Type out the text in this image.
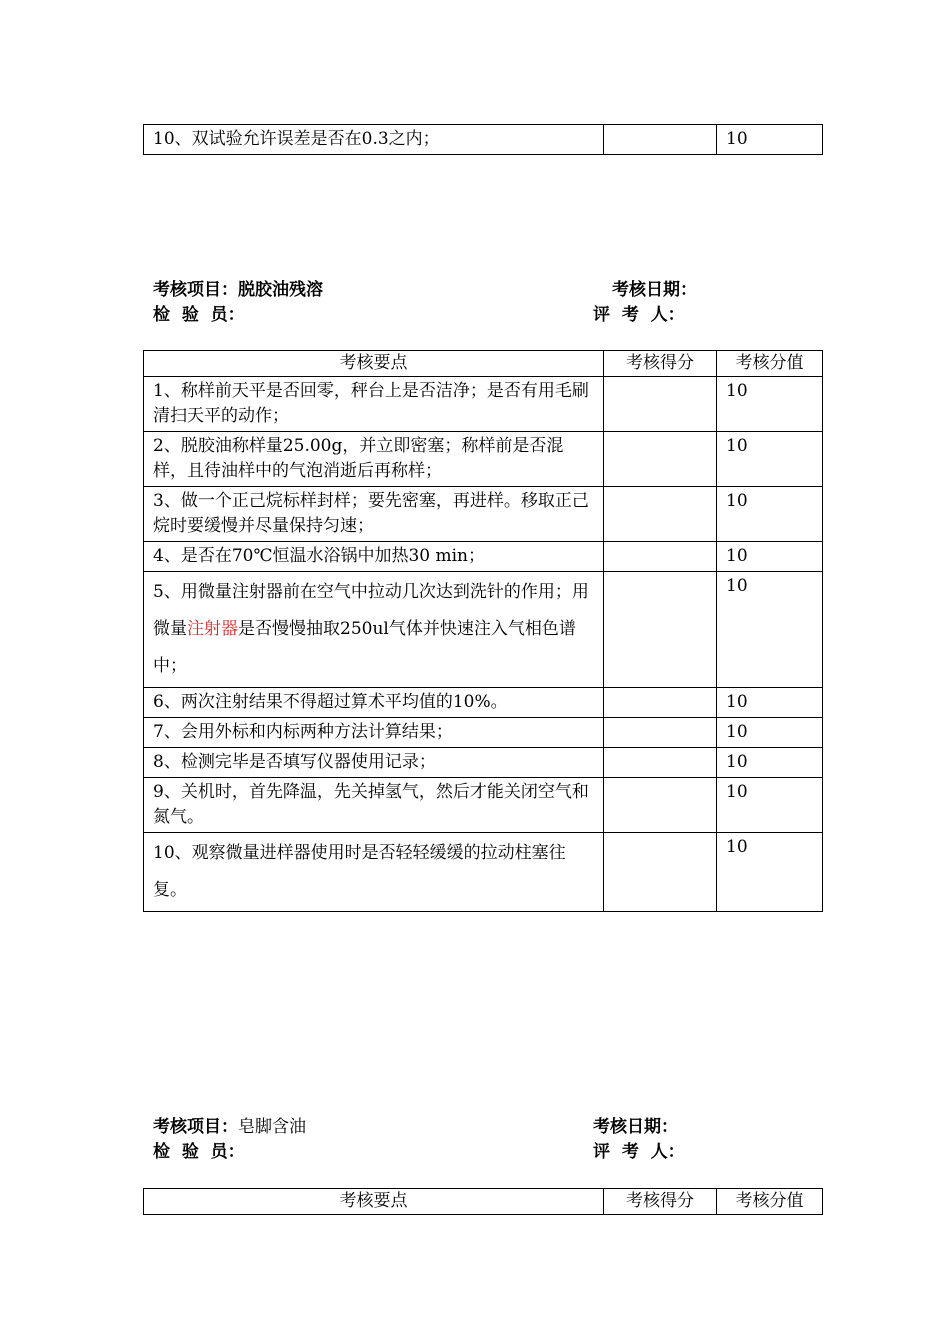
10、双试验允许误差是否在0.3之内；		10
考核项目：脱胶油残溶	考核日期：
检  验  员：	评  考  人：
考核要点	考核得分	考核分值
1、称样前天平是否回零，秤台上是否洁净；是否有用毛刷清扫天平的动作；		10
2、脱胶油称样量25.00g，并立即密塞；称样前是否混样，且待油样中的气泡消逝后再称样；		10
3、做一个正己烷标样封样；要先密塞，再进样。移取正己烷时要缓慢并尽量保持匀速；		10
4、是否在70℃恒温水浴锅中加热30 min；		10
5、用微量注射器前在空气中拉动几次达到洗针的作用；用微量注射器是否慢慢抽取250ul气体并快速注入气相色谱中；		10
6、两次注射结果不得超过算术平均值的10%。		10
7、会用外标和内标两种方法计算结果；		10
8、检测完毕是否填写仪器使用记录；		10
9、关机时，首先降温，先关掉氢气，然后才能关闭空气和氮气。		10
10、观察微量进样器使用时是否轻轻缓缓的拉动柱塞往复。		10
考核项目：皂脚含油	考核日期：
检  验  员：	评  考  人：
考核要点	考核得分	考核分值
